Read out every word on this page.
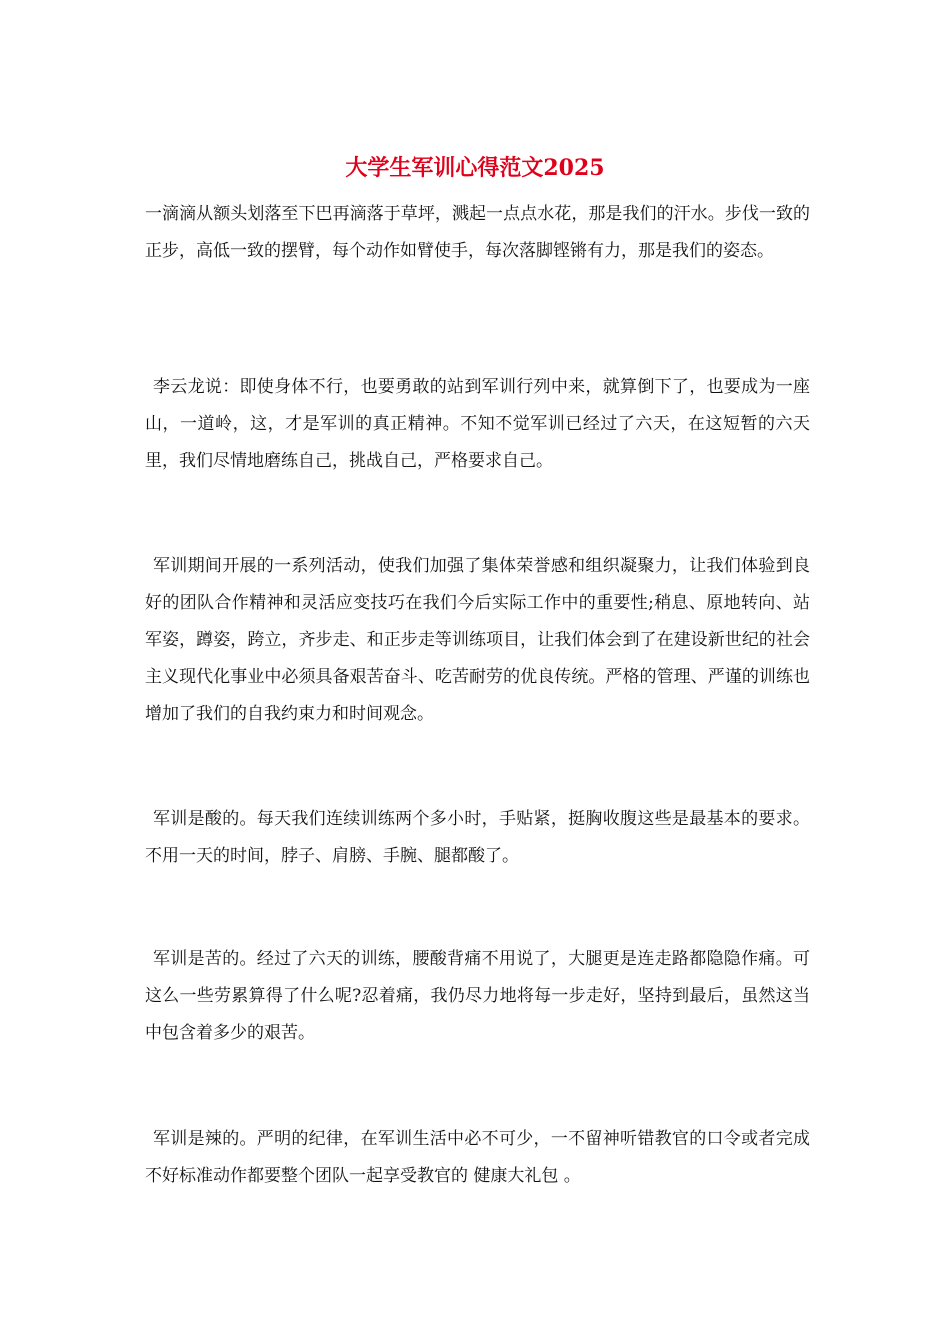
大学生军训心得范文2025

一滴滴从额头划落至下巴再滴落于草坪，溅起一点点水花，那是我们的汗水。步伐一致的正步，高低一致的摆臂，每个动作如臂使手，每次落脚铿锵有力，那是我们的姿态。

李云龙说：即使身体不行，也要勇敢的站到军训行列中来，就算倒下了，也要成为一座山，一道岭，这，才是军训的真正精神。不知不觉军训已经过了六天，在这短暂的六天里，我们尽情地磨练自己，挑战自己，严格要求自己。

军训期间开展的一系列活动，使我们加强了集体荣誉感和组织凝聚力，让我们体验到良好的团队合作精神和灵活应变技巧在我们今后实际工作中的重要性;稍息、原地转向、站军姿，蹲姿，跨立，齐步走、和正步走等训练项目，让我们体会到了在建设新世纪的社会主义现代化事业中必须具备艰苦奋斗、吃苦耐劳的优良传统。严格的管理、严谨的训练也增加了我们的自我约束力和时间观念。

军训是酸的。每天我们连续训练两个多小时，手贴紧，挺胸收腹这些是最基本的要求。不用一天的时间，脖子、肩膀、手腕、腿都酸了。

军训是苦的。经过了六天的训练，腰酸背痛不用说了，大腿更是连走路都隐隐作痛。可这么一些劳累算得了什么呢?忍着痛，我仍尽力地将每一步走好，坚持到最后，虽然这当中包含着多少的艰苦。

军训是辣的。严明的纪律，在军训生活中必不可少，一不留神听错教官的口令或者完成不好标准动作都要整个团队一起享受教官的 健康大礼包 。
